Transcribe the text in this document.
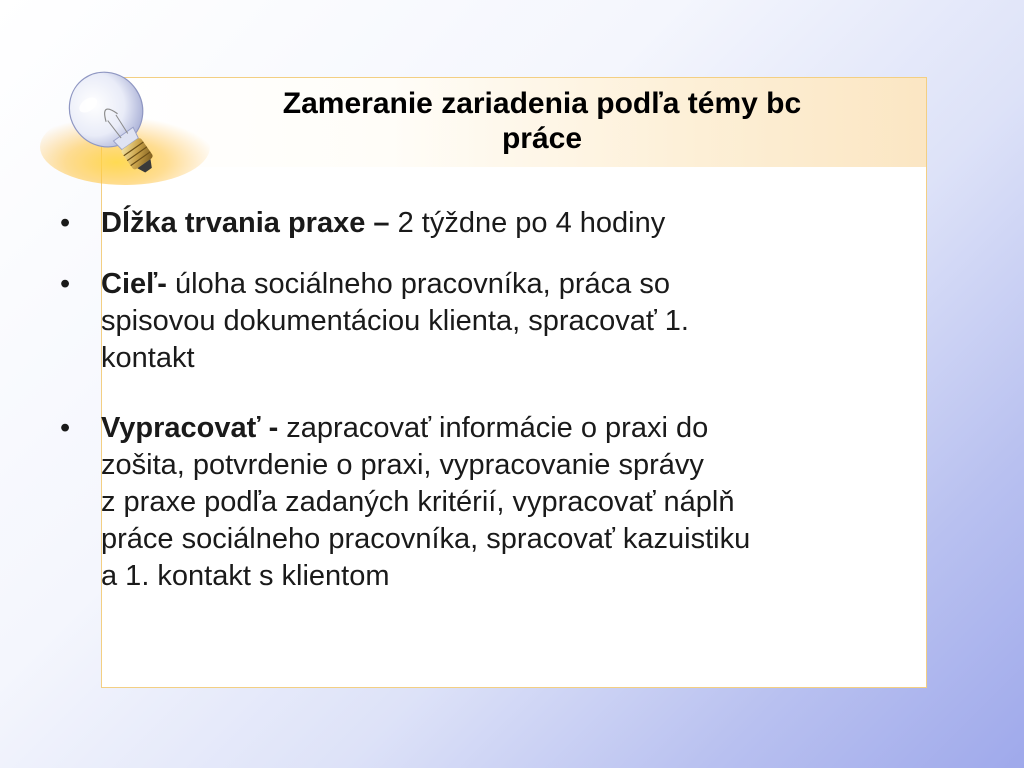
Zameranie zariadenia podľa témy bc
práce
• Dĺžka trvania praxe – 2 týždne po 4 hodiny
• Cieľ- úloha sociálneho pracovníka, práca so
spisovou dokumentáciou klienta, spracovať 1.
kontakt
• Vypracovať - zapracovať informácie o praxi do
zošita, potvrdenie o praxi, vypracovanie správy
z praxe podľa zadaných kritérií, vypracovať náplň
práce sociálneho pracovníka, spracovať kazuistiku
a 1. kontakt s klientom
